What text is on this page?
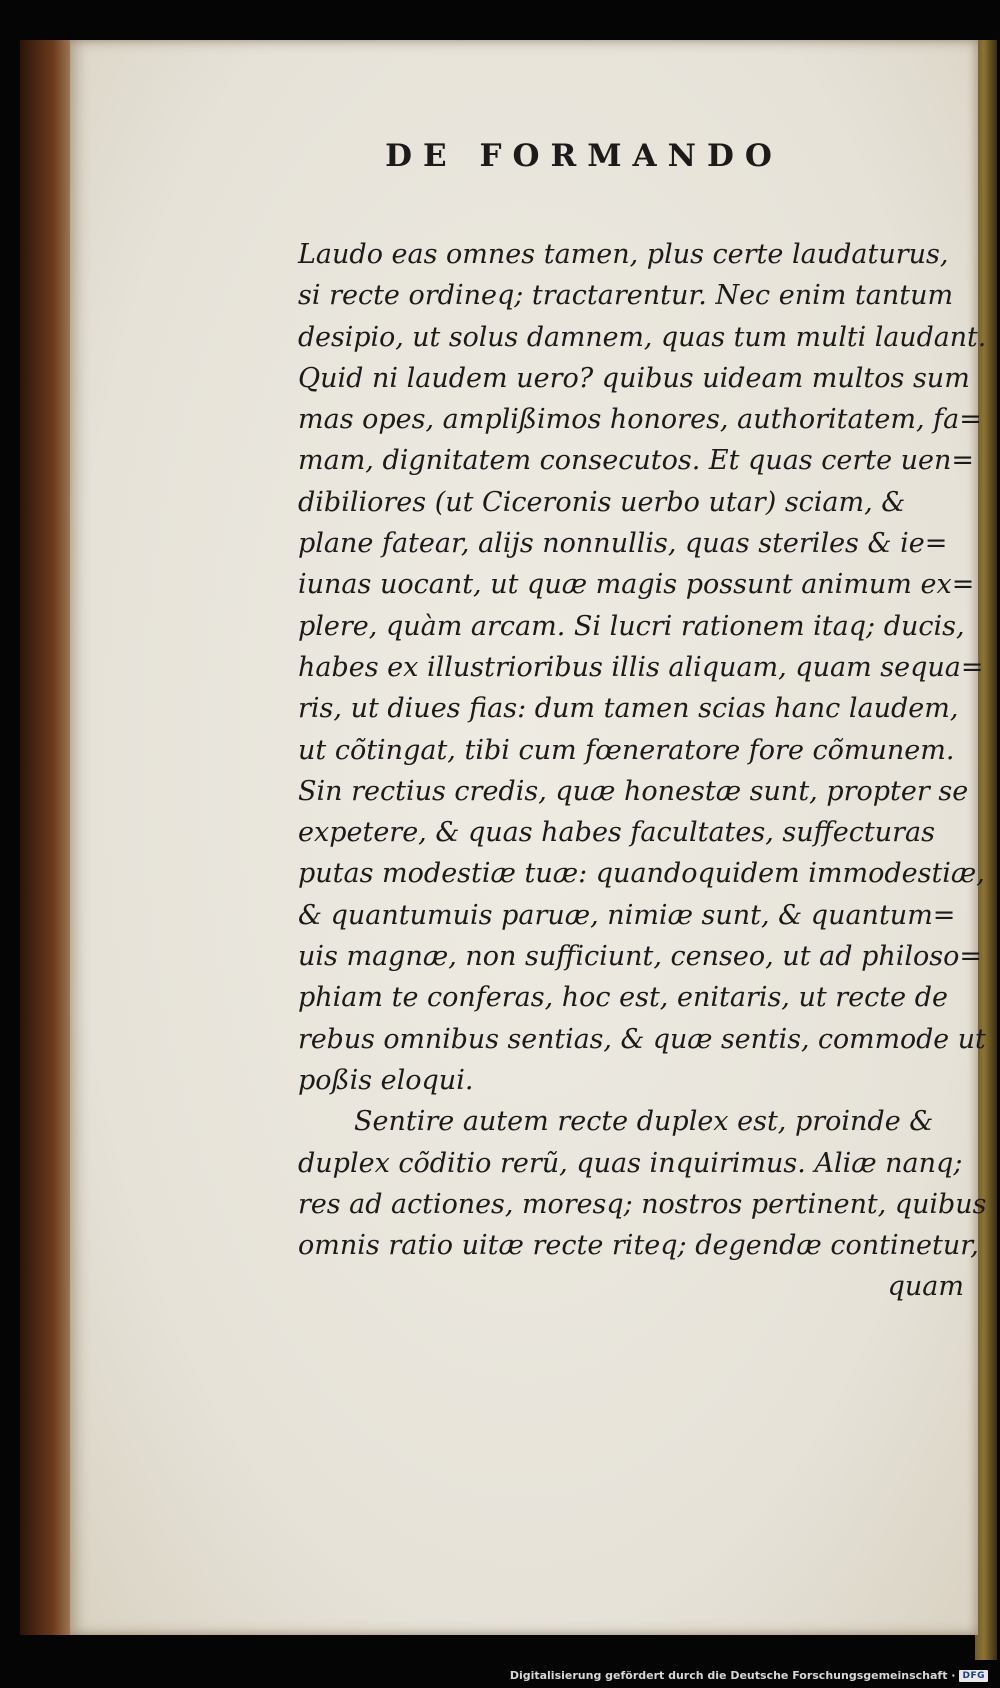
DE FORMANDO
Laudo eas omnes tamen, plus certe laudaturus,
si recte ordineq; tractarentur. Nec enim tantum
desipio, ut solus damnem, quas tum multi laudant.
Quid ni laudem uero? quibus uideam multos sum
mas opes, amplißimos honores, authoritatem, fa=
mam, dignitatem consecutos. Et quas certe uen=
dibiliores (ut Ciceronis uerbo utar) sciam, &
plane fatear, alijs nonnullis, quas steriles & ie=
iunas uocant, ut quæ magis possunt animum ex=
plere, quàm arcam. Si lucri rationem itaq; ducis,
habes ex illustrioribus illis aliquam, quam sequa=
ris, ut diues fias: dum tamen scias hanc laudem,
ut cõtingat, tibi cum fœneratore fore cõmunem.
Sin rectius credis, quæ honestæ sunt, propter se
expetere, & quas habes facultates, suffecturas
putas modestiæ tuæ: quandoquidem immodestiæ,
& quantumuis paruæ, nimiæ sunt, & quantum=
uis magnæ, non sufficiunt, censeo, ut ad philoso=
phiam te conferas, hoc est, enitaris, ut recte de
rebus omnibus sentias, & quæ sentis, commode ut
poßis eloqui.
Sentire autem recte duplex est, proinde &
duplex cõditio rerũ, quas inquirimus. Aliæ nanq;
res ad actiones, moresq; nostros pertinent, quibus
omnis ratio uitæ recte riteq; degendæ continetur,
quam
Digitalisierung gefördert durch die Deutsche Forschungsgemeinschaft · DFG
